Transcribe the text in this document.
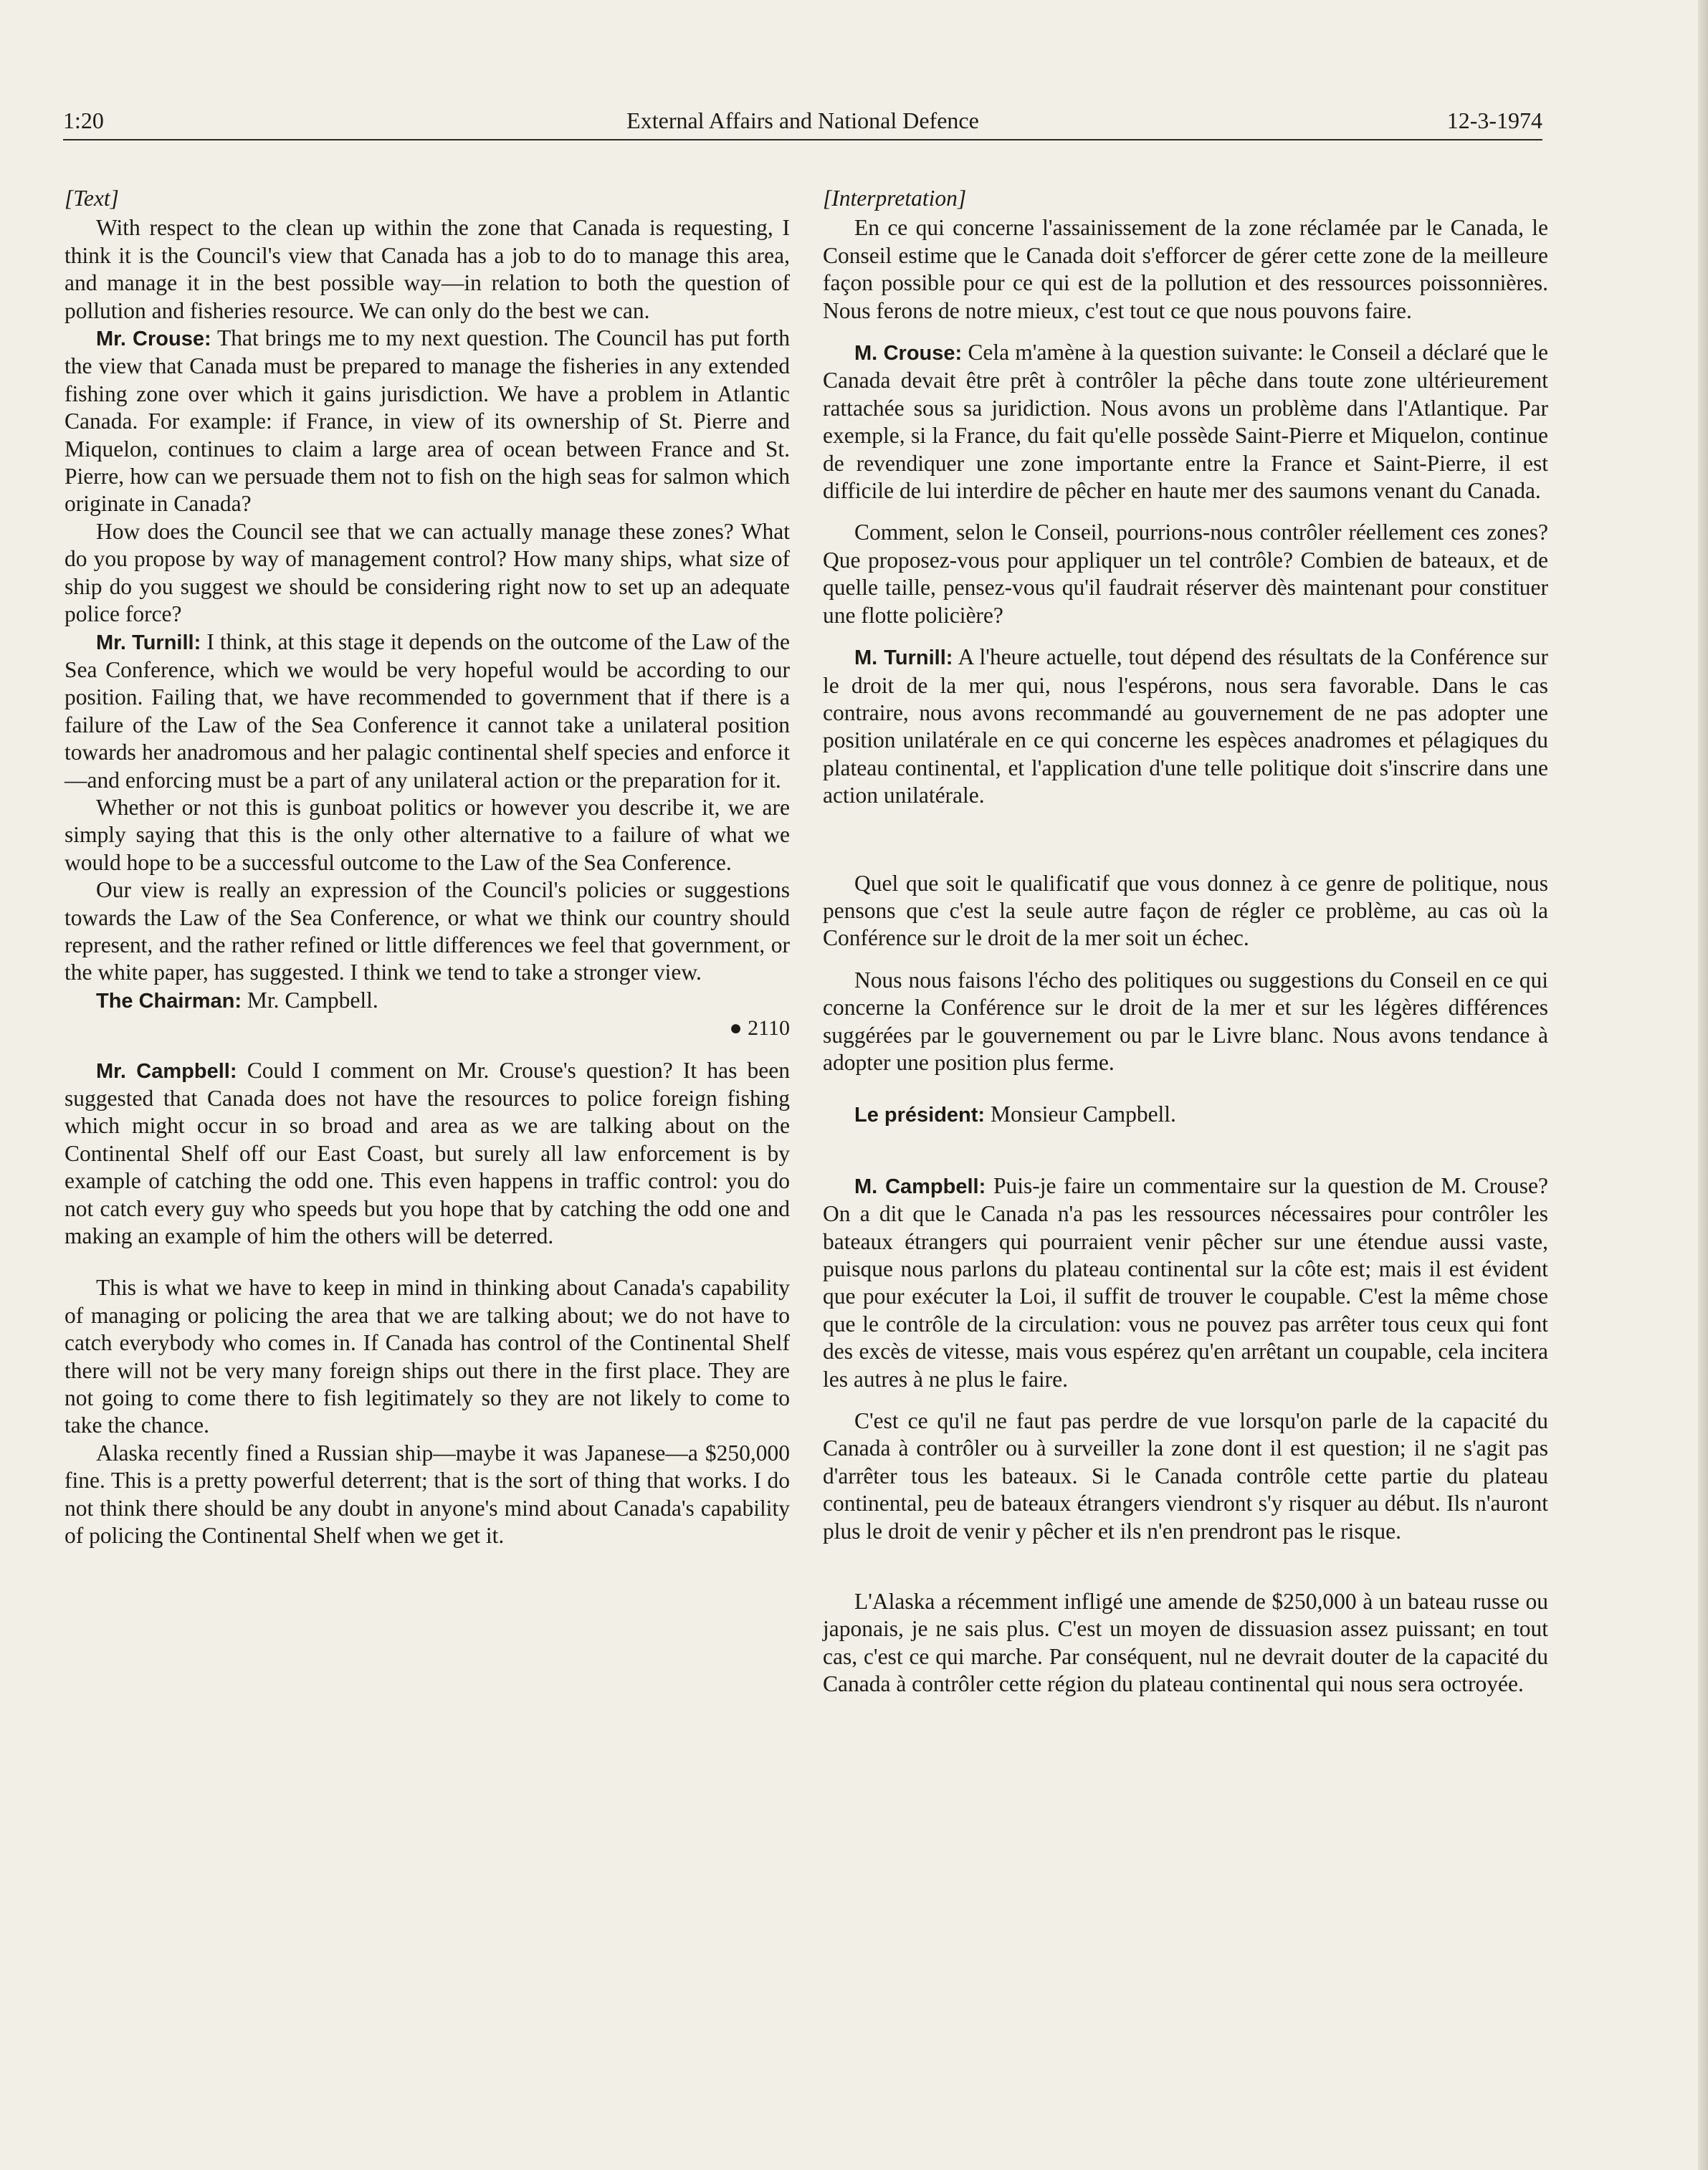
External Affairs and National Defence
1:20	12-3-1974

[Text]

With respect to the clean up within the zone that Canada is requesting, I think it is the Council's view that Canada has a job to do to manage this area, and manage it in the best possible way—in relation to both the question of pollution and fisheries resource. We can only do the best we can.

Mr. Crouse: That brings me to my next question. The Council has put forth the view that Canada must be prepared to manage the fisheries in any extended fishing zone over which it gains jurisdiction. We have a problem in Atlantic Canada. For example: if France, in view of its ownership of St. Pierre and Miquelon, continues to claim a large area of ocean between France and St. Pierre, how can we persuade them not to fish on the high seas for salmon which originate in Canada?

How does the Council see that we can actually manage these zones? What do you propose by way of management control? How many ships, what size of ship do you suggest we should be considering right now to set up an adequate police force?

Mr. Turnill: I think, at this stage it depends on the outcome of the Law of the Sea Conference, which we would be very hopeful would be according to our position. Failing that, we have recommended to government that if there is a failure of the Law of the Sea Conference it cannot take a unilateral position towards her anadromous and her palagic continental shelf species and enforce it—and enforcing must be a part of any unilateral action or the preparation for it.

Whether or not this is gunboat politics or however you describe it, we are simply saying that this is the only other alternative to a failure of what we would hope to be a successful outcome to the Law of the Sea Conference.

Our view is really an expression of the Council's policies or suggestions towards the Law of the Sea Conference, or what we think our country should represent, and the rather refined or little differences we feel that government, or the white paper, has suggested. I think we tend to take a stronger view.

The Chairman: Mr. Campbell.

● 2110

Mr. Campbell: Could I comment on Mr. Crouse's question? It has been suggested that Canada does not have the resources to police foreign fishing which might occur in so broad and area as we are talking about on the Continental Shelf off our East Coast, but surely all law enforcement is by example of catching the odd one. This even happens in traffic control: you do not catch every guy who speeds but you hope that by catching the odd one and making an example of him the others will be deterred.

This is what we have to keep in mind in thinking about Canada's capability of managing or policing the area that we are talking about; we do not have to catch everybody who comes in. If Canada has control of the Continental Shelf there will not be very many foreign ships out there in the first place. They are not going to come there to fish legitimately so they are not likely to come to take the chance.

Alaska recently fined a Russian ship—maybe it was Japanese—a $250,000 fine. This is a pretty powerful deterrent; that is the sort of thing that works. I do not think there should be any doubt in anyone's mind about Canada's capability of policing the Continental Shelf when we get it.

[Interpretation]

En ce qui concerne l'assainissement de la zone réclamée par le Canada, le Conseil estime que le Canada doit s'efforcer de gérer cette zone de la meilleure façon possible pour ce qui est de la pollution et des ressources poissonnières. Nous ferons de notre mieux, c'est tout ce que nous pouvons faire.

M. Crouse: Cela m'amène à la question suivante: le Conseil a déclaré que le Canada devait être prêt à contrôler la pêche dans toute zone ultérieurement rattachée sous sa juridiction. Nous avons un problème dans l'Atlantique. Par exemple, si la France, du fait qu'elle possède Saint-Pierre et Miquelon, continue de revendiquer une zone importante entre la France et Saint-Pierre, il est difficile de lui interdire de pêcher en haute mer des saumons venant du Canada.

Comment, selon le Conseil, pourrions-nous contrôler réellement ces zones? Que proposez-vous pour appliquer un tel contrôle? Combien de bateaux, et de quelle taille, pensez-vous qu'il faudrait réserver dès maintenant pour constituer une flotte policière?

M. Turnill: A l'heure actuelle, tout dépend des résultats de la Conférence sur le droit de la mer qui, nous l'espérons, nous sera favorable. Dans le cas contraire, nous avons recommandé au gouvernement de ne pas adopter une position unilatérale en ce qui concerne les espèces anadromes et pélagiques du plateau continental, et l'application d'une telle politique doit s'inscrire dans une action unilatérale.

Quel que soit le qualificatif que vous donnez à ce genre de politique, nous pensons que c'est la seule autre façon de régler ce problème, au cas où la Conférence sur le droit de la mer soit un échec.

Nous nous faisons l'écho des politiques ou suggestions du Conseil en ce qui concerne la Conférence sur le droit de la mer et sur les légères différences suggérées par le gouvernement ou par le Livre blanc. Nous avons tendance à adopter une position plus ferme.

Le président: Monsieur Campbell.

M. Campbell: Puis-je faire un commentaire sur la question de M. Crouse? On a dit que le Canada n'a pas les ressources nécessaires pour contrôler les bateaux étrangers qui pourraient venir pêcher sur une étendue aussi vaste, puisque nous parlons du plateau continental sur la côte est; mais il est évident que pour exécuter la Loi, il suffit de trouver le coupable. C'est la même chose que le contrôle de la circulation: vous ne pouvez pas arrêter tous ceux qui font des excès de vitesse, mais vous espérez qu'en arrêtant un coupable, cela incitera les autres à ne plus le faire.

C'est ce qu'il ne faut pas perdre de vue lorsqu'on parle de la capacité du Canada à contrôler ou à surveiller la zone dont il est question; il ne s'agit pas d'arrêter tous les bateaux. Si le Canada contrôle cette partie du plateau continental, peu de bateaux étrangers viendront s'y risquer au début. Ils n'auront plus le droit de venir y pêcher et ils n'en prendront pas le risque.

L'Alaska a récemment infligé une amende de $250,000 à un bateau russe ou japonais, je ne sais plus. C'est un moyen de dissuasion assez puissant; en tout cas, c'est ce qui marche. Par conséquent, nul ne devrait douter de la capacité du Canada à contrôler cette région du plateau continental qui nous sera octroyée.
